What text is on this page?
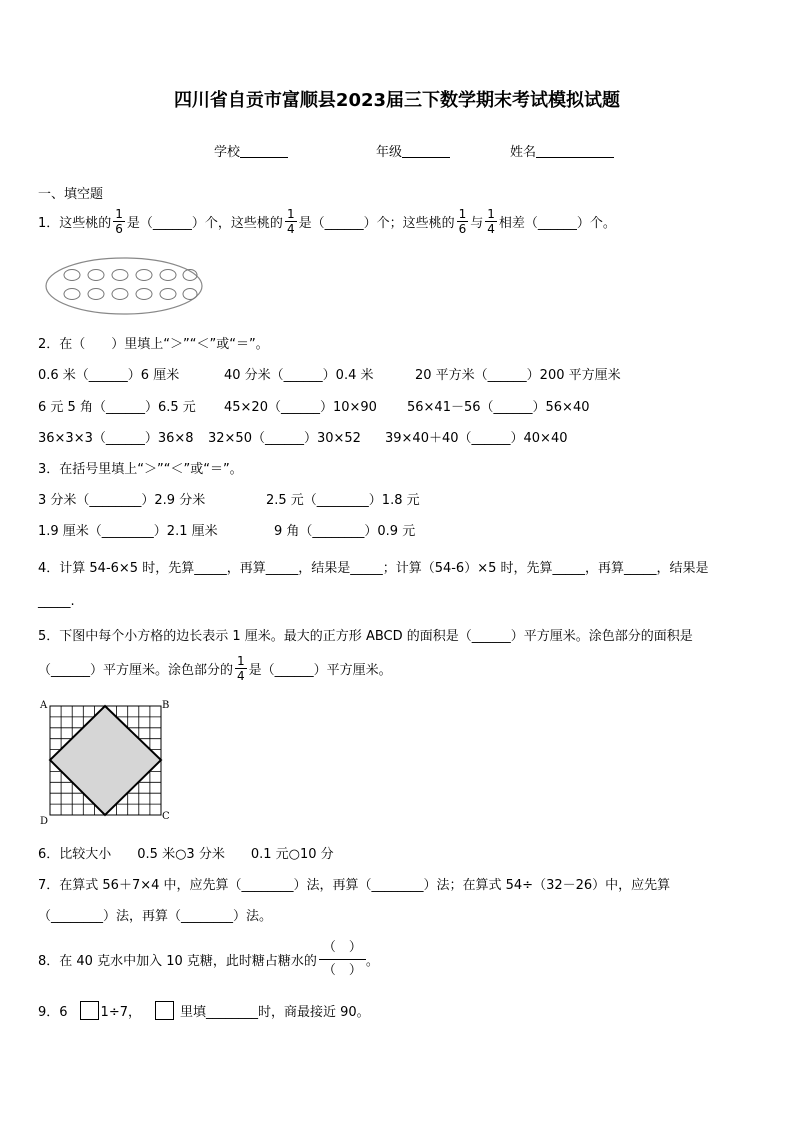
四川省自贡市富顺县2023届三下数学期末考试模拟试题
学校	年级	姓名
一、填空题
1．这些桃的 $\frac{1}{6}$ 是（______）个，这些桃的 $\frac{1}{4}$ 是（______）个；这些桃的 $\frac{1}{6}$ 与 $\frac{1}{4}$ 相差（______）个。
2．在（　　）里填上“＞”“＜”或“＝”。
0.6 米（______）6 厘米	40 分米（______）0.4 米	20 平方米（______）200 平方厘米
6 元 5 角（______）6.5 元 45×20（______）10×90 56×41－56（______）56×40
36×3×3（______）36×8 32×50（______）30×52 39×40＋40（______）40×40
3．在括号里填上“＞”“＜”或“＝”。
3 分米（________）2.9 分米	2.5 元（________）1.8 元
1.9 厘米（________）2.1 厘米	9 角（________）0.9 元
4．计算 54-6×5 时，先算_____，再算_____，结果是_____；计算（54-6）×5 时，先算_____，再算_____，结果是
_____.
5．下图中每个小方格的边长表示 1 厘米。最大的正方形 ABCD 的面积是（______）平方厘米。涂色部分的面积是
（______）平方厘米。涂色部分的 $\frac{1}{4}$ 是（______）平方厘米。
A	B
C
D
6．比较大小　　0.5 米○3 分米　　0.1 元○10 分
7．在算式 56＋7×4 中，应先算（________）法，再算（________）法；在算式 54÷（32－26）中，应先算
（________）法，再算（________）法。
8．在 40 克水中加入 10 克糖，此时糖占糖水的
（　）
（　）
。
9．6	1÷7，	里填________时，商最接近 90。
